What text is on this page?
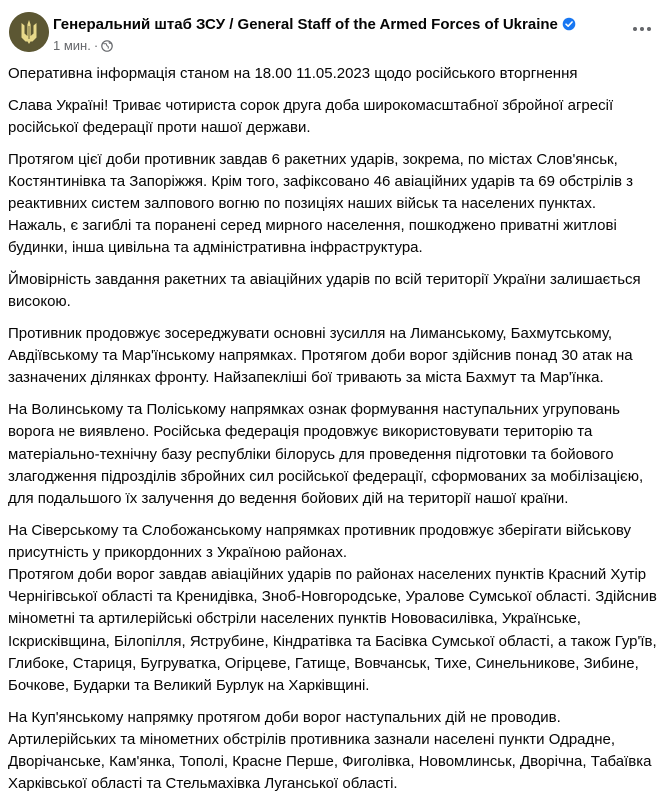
Генеральний штаб ЗСУ / General Staff of the Armed Forces of Ukraine
1 мин. ·

Оперативна інформація станом на 18.00 11.05.2023 щодо російського вторгнення

Слава Україні! Триває чотириста сорок друга доба широкомасштабної збройної агресії російської федерації проти нашої держави.

Протягом цієї доби противник завдав 6 ракетних ударів, зокрема, по містах Слов'янськ, Костянтинівка та Запоріжжя. Крім того, зафіксовано 46 авіаційних ударів та 69 обстрілів з реактивних систем залпового вогню по позиціях наших військ та населених пунктах. Нажаль, є загиблі та поранені серед мирного населення, пошкоджено приватні житлові будинки, інша цивільна та адміністративна інфраструктура.

Ймовірність завдання ракетних та авіаційних ударів по всій території України залишається високою.

Противник продовжує зосереджувати основні зусилля на Лиманському, Бахмутському, Авдіївському та Мар'їнському напрямках. Протягом доби ворог здійснив понад 30 атак на зазначених ділянках фронту. Найзапекліші бої тривають за міста Бахмут та Мар'їнка.

На Волинському та Поліському напрямках ознак формування наступальних угруповань ворога не виявлено. Російська федерація продовжує використовувати територію та матеріально-технічну базу республіки білорусь для проведення підготовки та бойового злагодження підрозділів збройних сил російської федерації, сформованих за мобілізацією, для подальшого їх залучення до ведення бойових дій на території нашої країни.

На Сіверському та Слобожанському напрямках противник продовжує зберігати військову присутність у прикордонних з Україною районах.
Протягом доби ворог завдав авіаційних ударів по районах населених пунктів Красний Хутір Чернігівської області та Кренидівка, Зноб-Новгородське, Уралове Сумської області. Здійснив мінометні та артилерійські обстріли населених пунктів Нововасилівка, Українське, Іскрисківщина, Білопілля, Яструбине, Кіндратівка та Басівка Сумської області, а також Гур'їв, Глибоке, Стариця, Бугруватка, Огірцеве, Гатище, Вовчанськ, Тихе, Синельникове, Зибине, Бочкове, Бударки та Великий Бурлук на Харківщині.

На Куп'янському напрямку протягом доби ворог наступальних дій не проводив. Артилерійських та мінометних обстрілів противника зазнали населені пункти Одрадне, Дворічанське, Кам'янка, Тополі, Красне Перше, Фиголівка, Новомлинськ, Дворічна, Табаївка Харківської області та Стельмахівка Луганської області.
